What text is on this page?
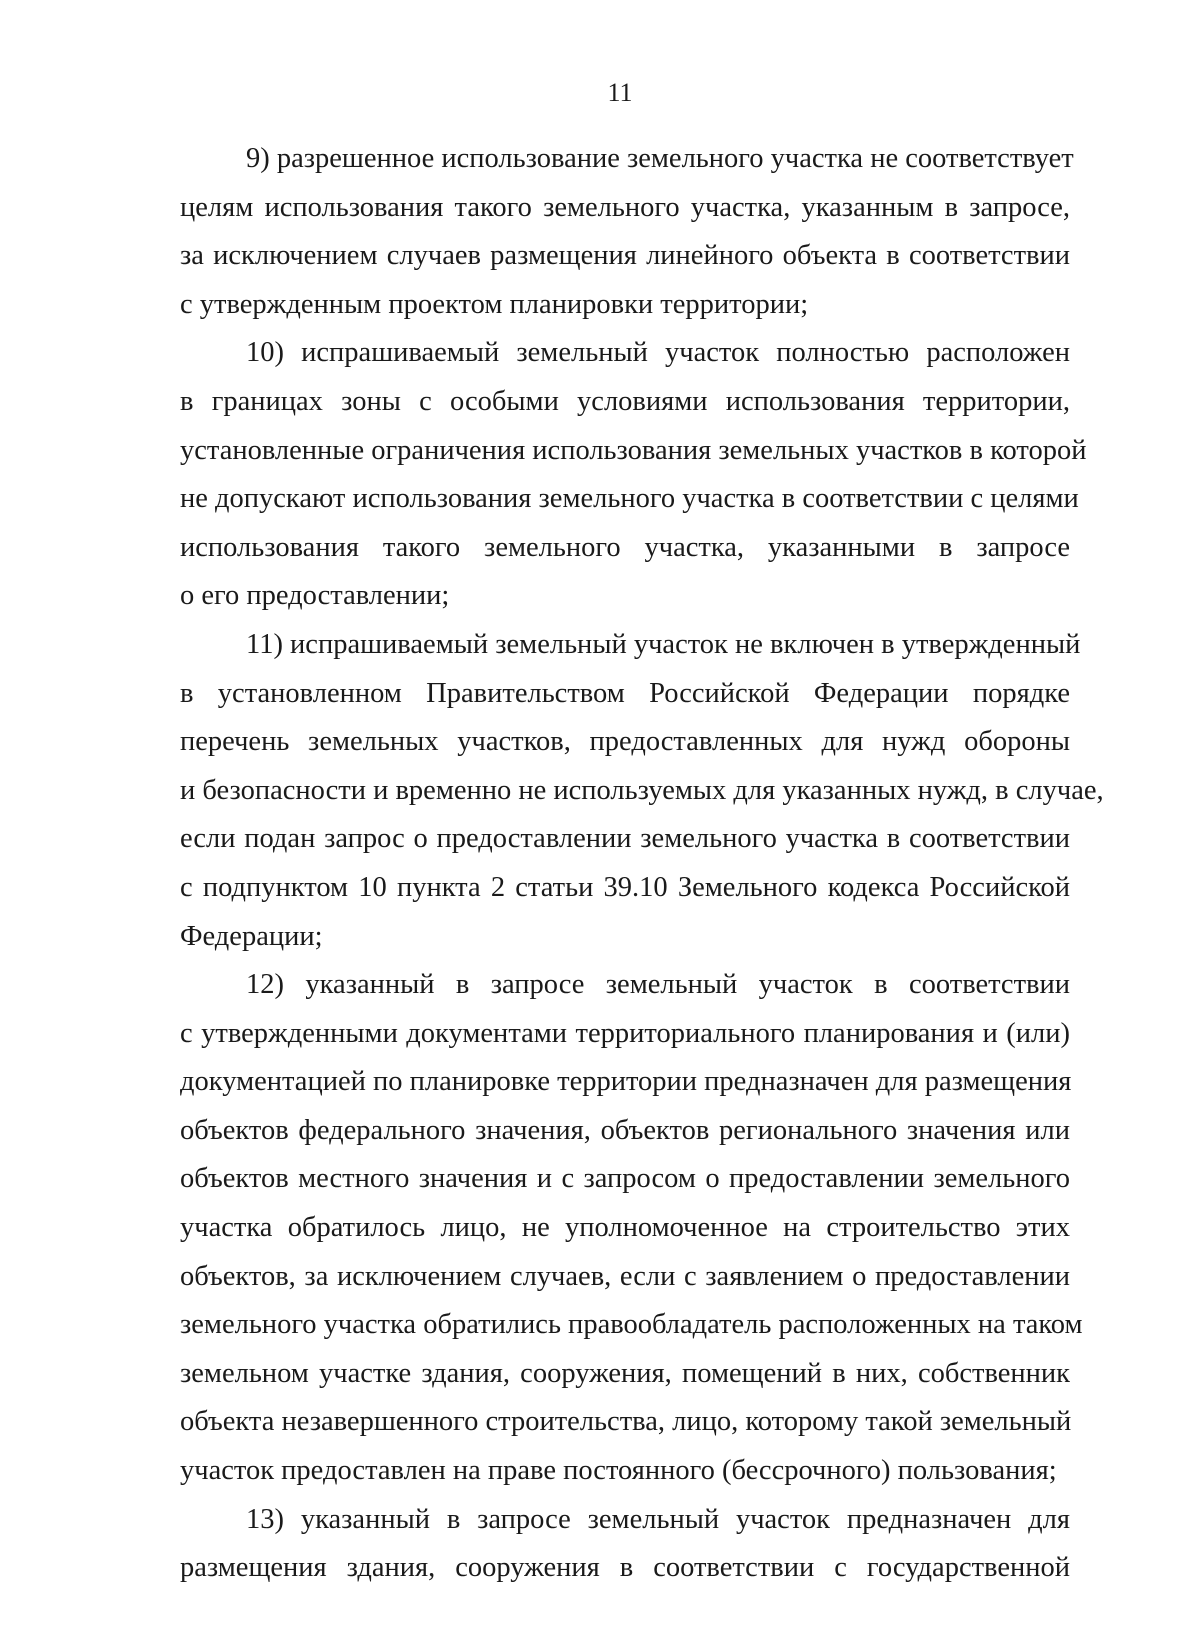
11
9) разрешенное использование земельного участка не соответствует
целям использования такого земельного участка, указанным в запросе,
за исключением случаев размещения линейного объекта в соответствии
с утвержденным проектом планировки территории;
10) испрашиваемый земельный участок полностью расположен
в границах зоны с особыми условиями использования территории,
установленные ограничения использования земельных участков в которой
не допускают использования земельного участка в соответствии с целями
использования такого земельного участка, указанными в запросе
о его предоставлении;
11) испрашиваемый земельный участок не включен в утвержденный
в установленном Правительством Российской Федерации порядке
перечень земельных участков, предоставленных для нужд обороны
и безопасности и временно не используемых для указанных нужд, в случае,
если подан запрос о предоставлении земельного участка в соответствии
с подпунктом 10 пункта 2 статьи 39.10 Земельного кодекса Российской
Федерации;
12) указанный в запросе земельный участок в соответствии
с утвержденными документами территориального планирования и (или)
документацией по планировке территории предназначен для размещения
объектов федерального значения, объектов регионального значения или
объектов местного значения и с запросом о предоставлении земельного
участка обратилось лицо, не уполномоченное на строительство этих
объектов, за исключением случаев, если с заявлением о предоставлении
земельного участка обратились правообладатель расположенных на таком
земельном участке здания, сооружения, помещений в них, собственник
объекта незавершенного строительства, лицо, которому такой земельный
участок предоставлен на праве постоянного (бессрочного) пользования;
13) указанный в запросе земельный участок предназначен для
размещения здания, сооружения в соответствии с государственной
